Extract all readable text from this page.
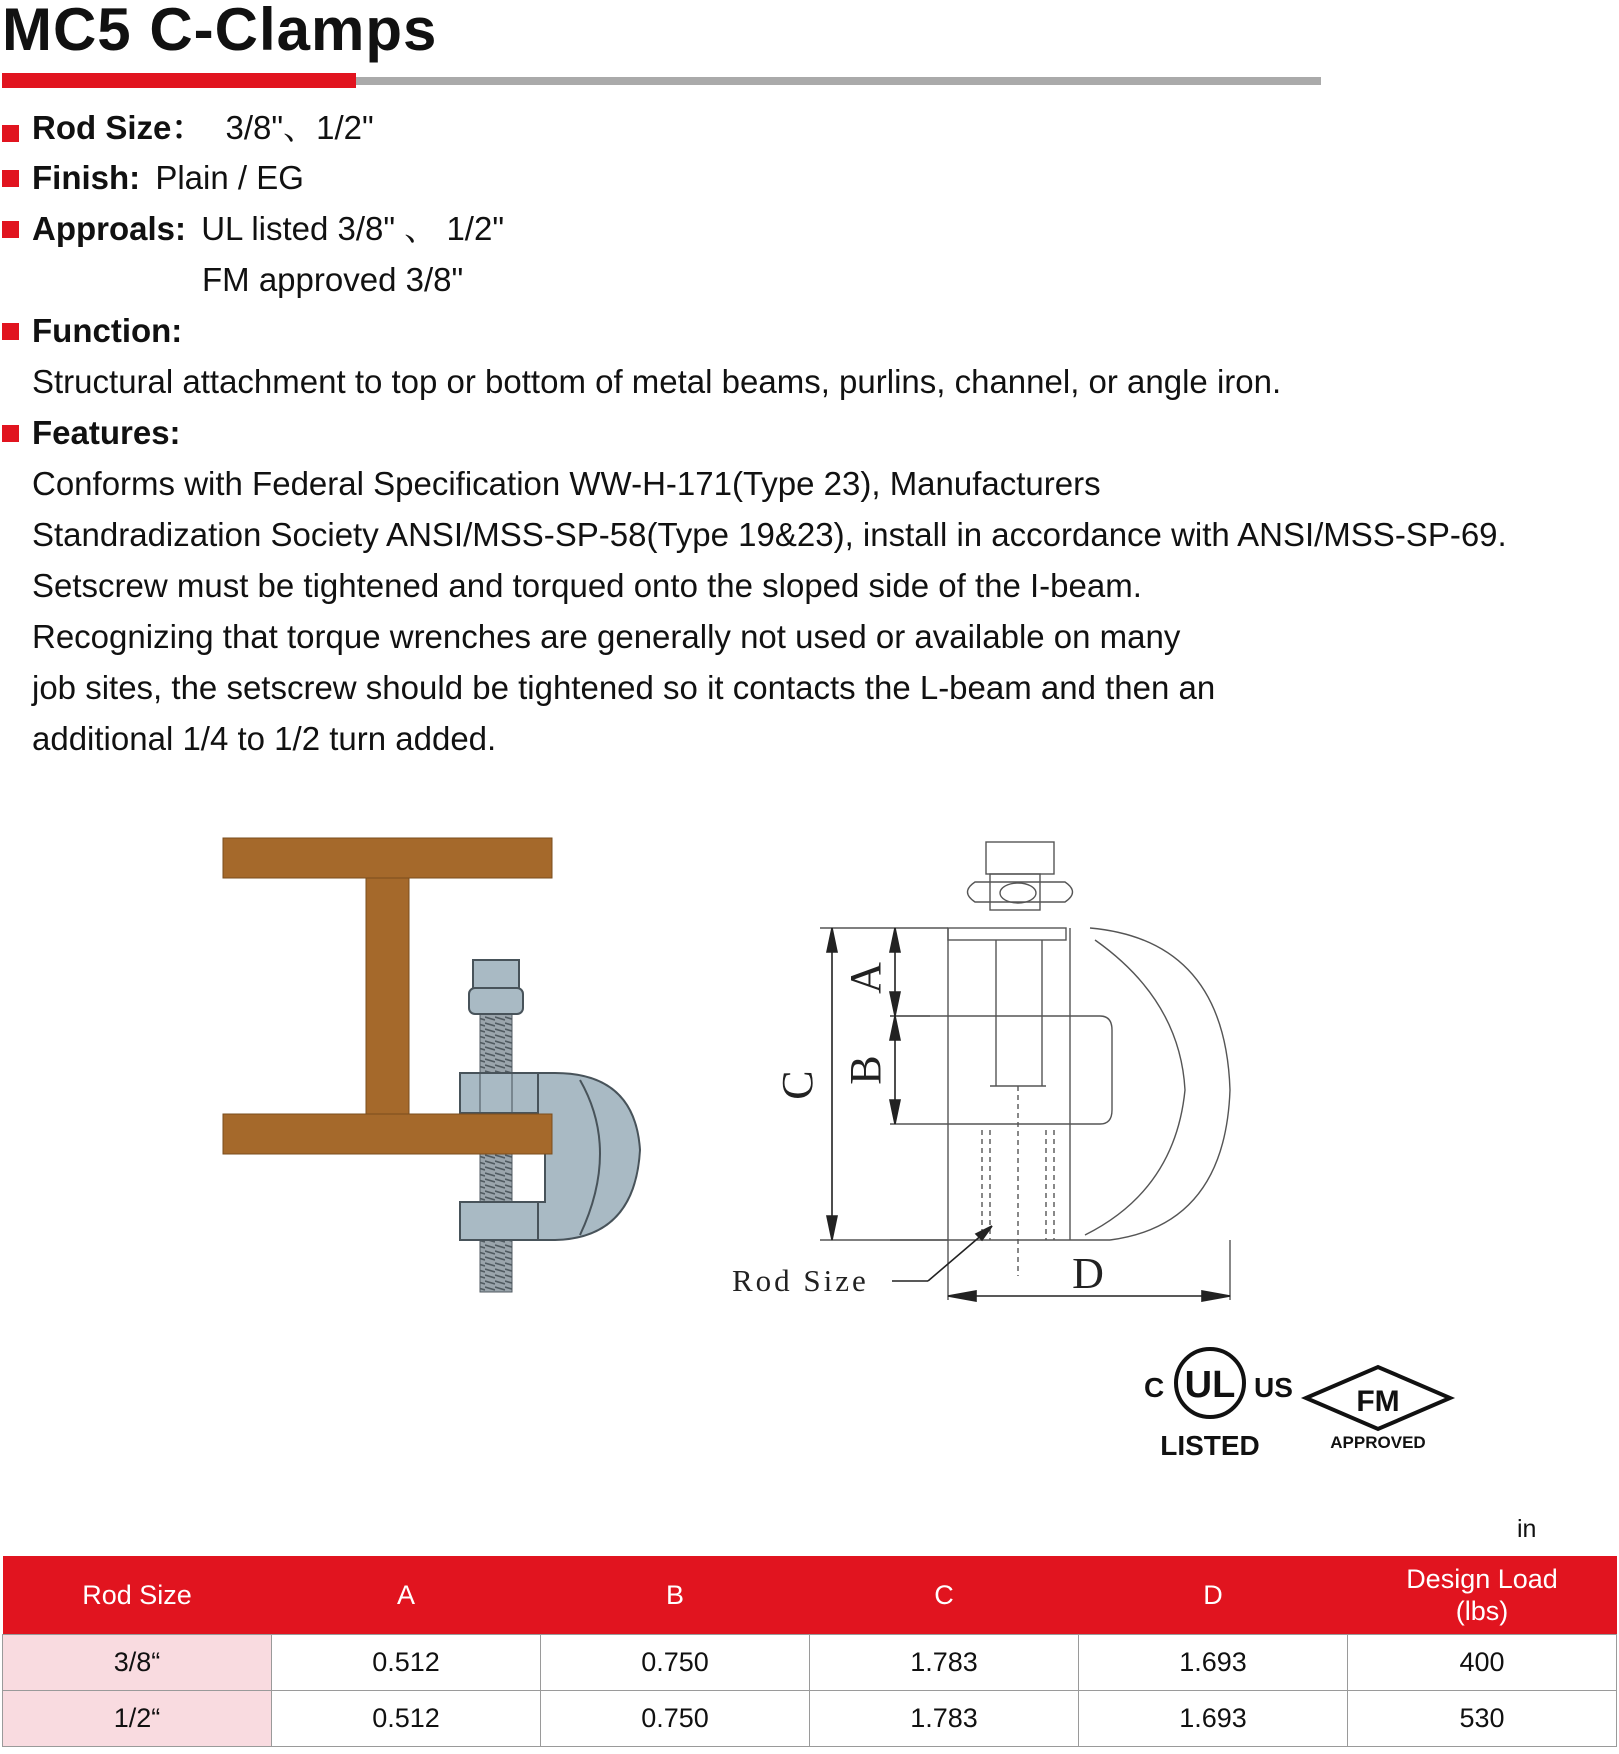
MC5 C-Clamps
Rod Size： 3/8"、1/2"
Finish: Plain / EG
Approals: UL listed 3/8" 、 1/2"
FM approved 3/8"
Function:
Structural attachment to top or bottom of metal beams, purlins, channel, or angle iron.
Features:
Conforms with Federal Specification WW-H-171(Type 23), Manufacturers
Standradization Society ANSI/MSS-SP-58(Type 19&23), install in accordance with ANSI/MSS-SP-69.
Setscrew must be tightened and torqued onto the sloped side of the I-beam.
Recognizing that torque wrenches are generally not used or available on many
job sites, the setscrew should be tightened so it contacts the L-beam and then an
additional 1/4 to 1/2 turn added.
A
B
C
D
Rod Size
C UL US
LISTED
FM
APPROVED
in
Rod Size	A	B	C	D	Design Load
(lbs)

3/8“	0.512	0.750	1.783	1.693	400
1/2“	0.512	0.750	1.783	1.693	530
